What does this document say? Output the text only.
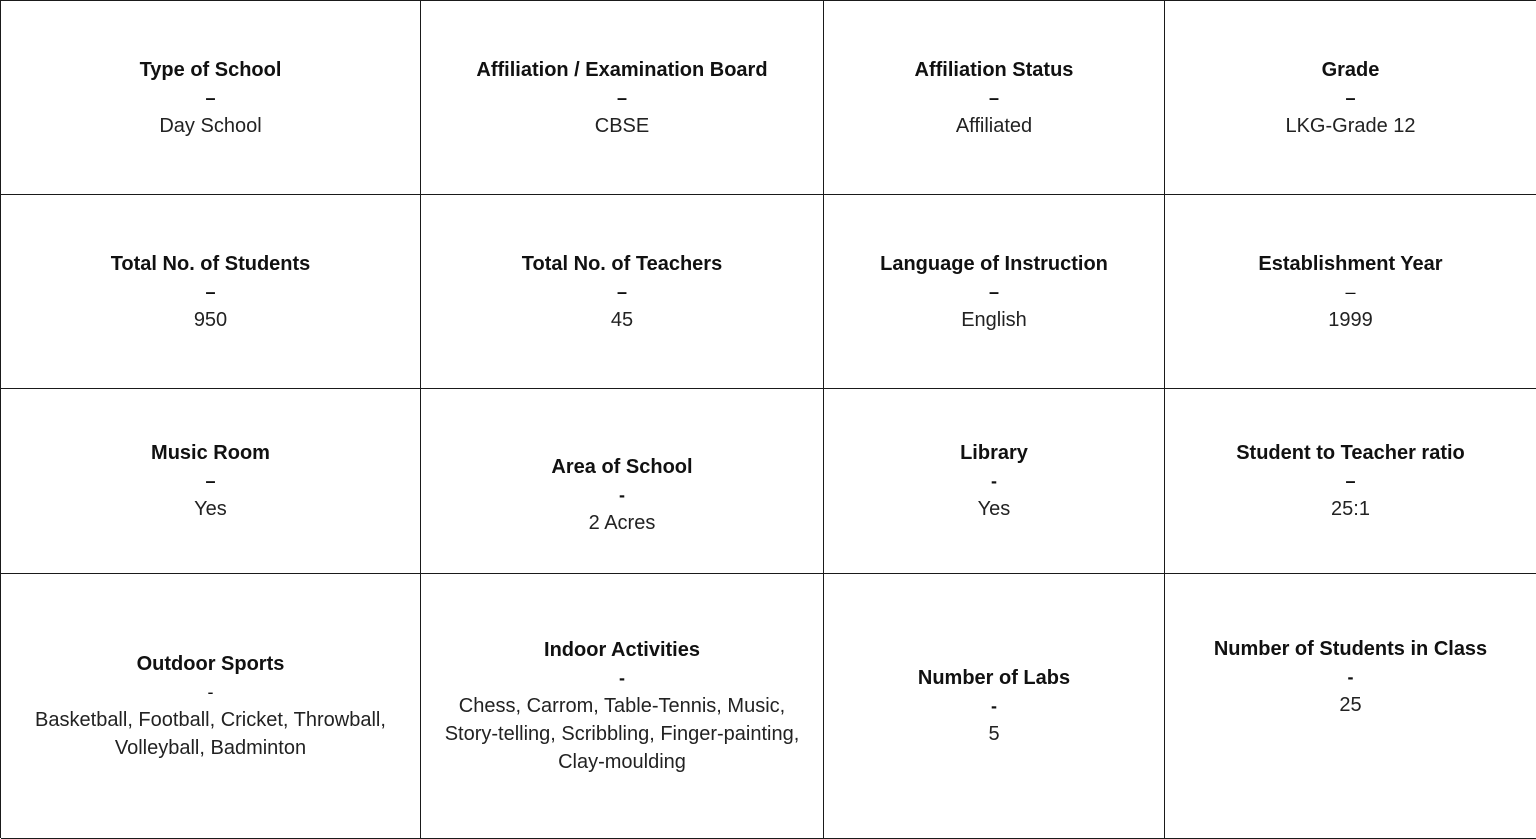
Type of School
–
Day School
Affiliation / Examination Board
–
CBSE
Affiliation Status
–
Affiliated
Grade
–
LKG-Grade 12
Total No. of Students
–
950
Total No. of Teachers
–
45
Language of Instruction
–
English
Establishment Year
–
1999
Music Room
–
Yes
Area of School
-
2 Acres
Library
-
Yes
Student to Teacher ratio
–
25:1
Outdoor Sports
-
Basketball, Football, Cricket, Throwball, Volleyball, Badminton
Indoor Activities
-
Chess, Carrom, Table-Tennis, Music, Story-telling, Scribbling, Finger-painting, Clay-moulding
Number of Labs
-
5
Number of Students in Class
-
25
